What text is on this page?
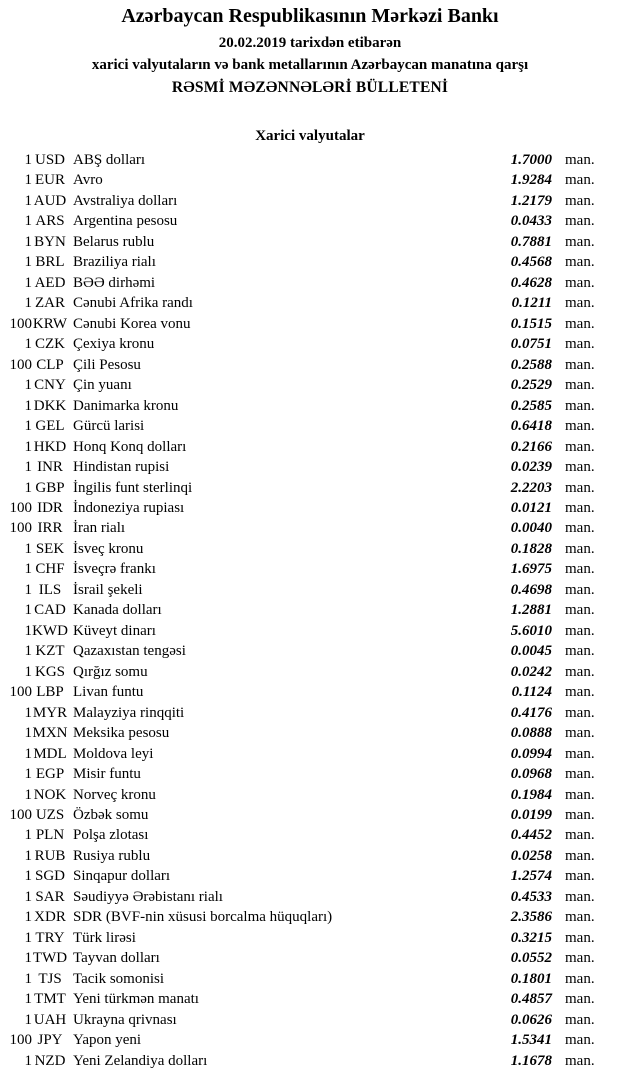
Azərbaycan Respublikasının Mərkəzi Bankı
20.02.2019 tarixdən etibarən
xarici valyutaların və bank metallarının Azərbaycan manatına qarşı
RƏSMİ MƏZƏNNƏLƏRİ BÜLLETENİ
Xarici valyutalar
1 USD ABŞ dolları	1.7000 man.
1 EUR Avro	1.9284 man.
1 AUD Avstraliya dolları	1.2179 man.
1 ARS Argentina pesosu	0.0433 man.
1 BYN Belarus rublu	0.7881 man.
1 BRL Braziliya rialı	0.4568 man.
1 AED BƏƏ dirhəmi	0.4628 man.
1 ZAR Cənubi Afrika randı	0.1211 man.
100 KRW Cənubi Korea vonu	0.1515 man.
1 CZK Çexiya kronu	0.0751 man.
100 CLP Çili Pesosu	0.2588 man.
1 CNY Çin yuanı	0.2529 man.
1 DKK Danimarka kronu	0.2585 man.
1 GEL Gürcü larisi	0.6418 man.
1 HKD Honq Konq dolları	0.2166 man.
1 INR Hindistan rupisi	0.0239 man.
1 GBP İngilis funt sterlinqi	2.2203 man.
100 IDR İndoneziya rupiası	0.0121 man.
100 IRR İran rialı	0.0040 man.
1 SEK İsveç kronu	0.1828 man.
1 CHF İsveçrə frankı	1.6975 man.
1 ILS İsrail şekeli	0.4698 man.
1 CAD Kanada dolları	1.2881 man.
1 KWD Küveyt dinarı	5.6010 man.
1 KZT Qazaxıstan tengəsi	0.0045 man.
1 KGS Qırğız somu	0.0242 man.
100 LBP Livan funtu	0.1124 man.
1 MYR Malayziya rinqqiti	0.4176 man.
1 MXN Meksika pesosu	0.0888 man.
1 MDL Moldova leyi	0.0994 man.
1 EGP Misir funtu	0.0968 man.
1 NOK Norveç kronu	0.1984 man.
100 UZS Özbək somu	0.0199 man.
1 PLN Polşa zlotası	0.4452 man.
1 RUB Rusiya rublu	0.0258 man.
1 SGD Sinqapur dolları	1.2574 man.
1 SAR Səudiyyə Ərəbistanı rialı	0.4533 man.
1 XDR SDR (BVF-nin xüsusi borcalma hüquqları)	2.3586 man.
1 TRY Türk lirəsi	0.3215 man.
1 TWD Tayvan dolları	0.0552 man.
1 TJS Tacik somonisi	0.1801 man.
1 TMT Yeni türkmən manatı	0.4857 man.
1 UAH Ukrayna qrivnası	0.0626 man.
100 JPY Yapon yeni	1.5341 man.
1 NZD Yeni Zelandiya dolları	1.1678 man.
